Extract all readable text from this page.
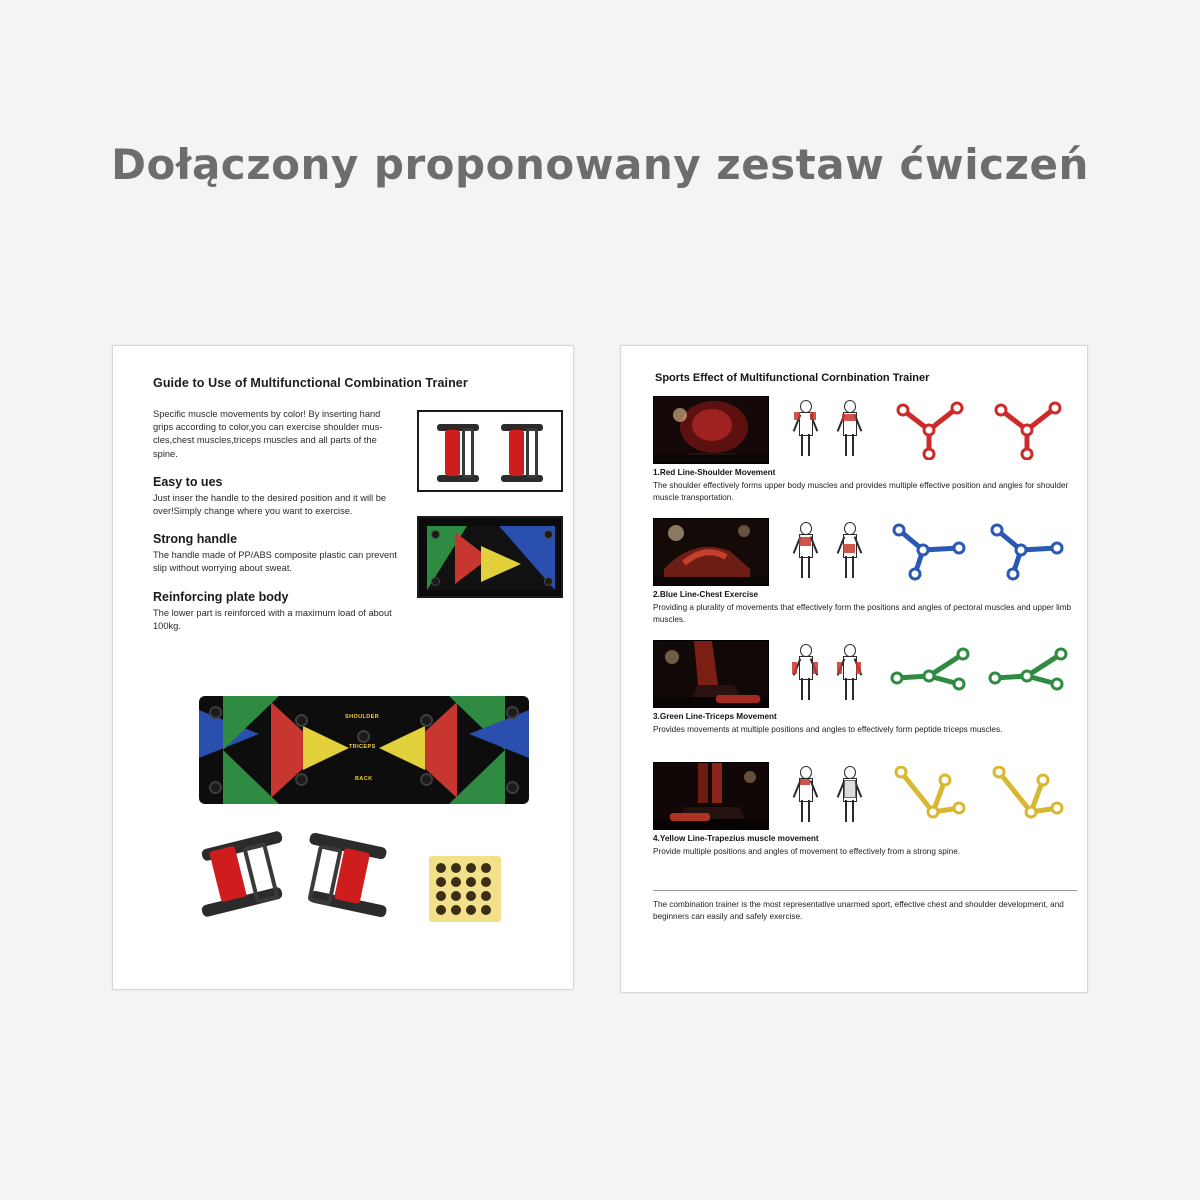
Dołączony proponowany zestaw ćwiczeń
Guide to Use of Multifunctional Combination Trainer

Specific muscle movements by color! By inserting hand grips according to color,you can exercise shoulder mus-cles,chest muscles,triceps muscles and all parts of the spine.

Easy to ues

Just inser the handle to the desired position and it will be over!Simply change where you want to exercise.

Strong handle

The handle made of PP/ABS composite plastic can prevent slip without worrying about sweat.

Reinforcing plate body

The lower part is reinforced with a maximum load of about 100kg.

SHOULDER
TRICEPS
BACK
Sports Effect of Multifunctional Cornbination Trainer
1.Red Line-Shoulder Movement
The shoulder effectively forms upper body muscles and provides multiple effective position and angles for shoulder muscle transportation.
2.Blue Line-Chest Exercise
Providing a plurality of movements that effectively form the positions and angles of pectoral muscles and upper limb muscles.
3.Green Line-Triceps Movement
Provides movements at multiple positions and angles to effectively form peptide triceps muscles.
4.Yellow Line-Trapezius muscle movement
Provide multiple positions and angles of movement to effectively from a strong spine.
The combination trainer is the most representative unarmed sport, effective chest and shoulder development, and beginners can easily and safely exercise.
